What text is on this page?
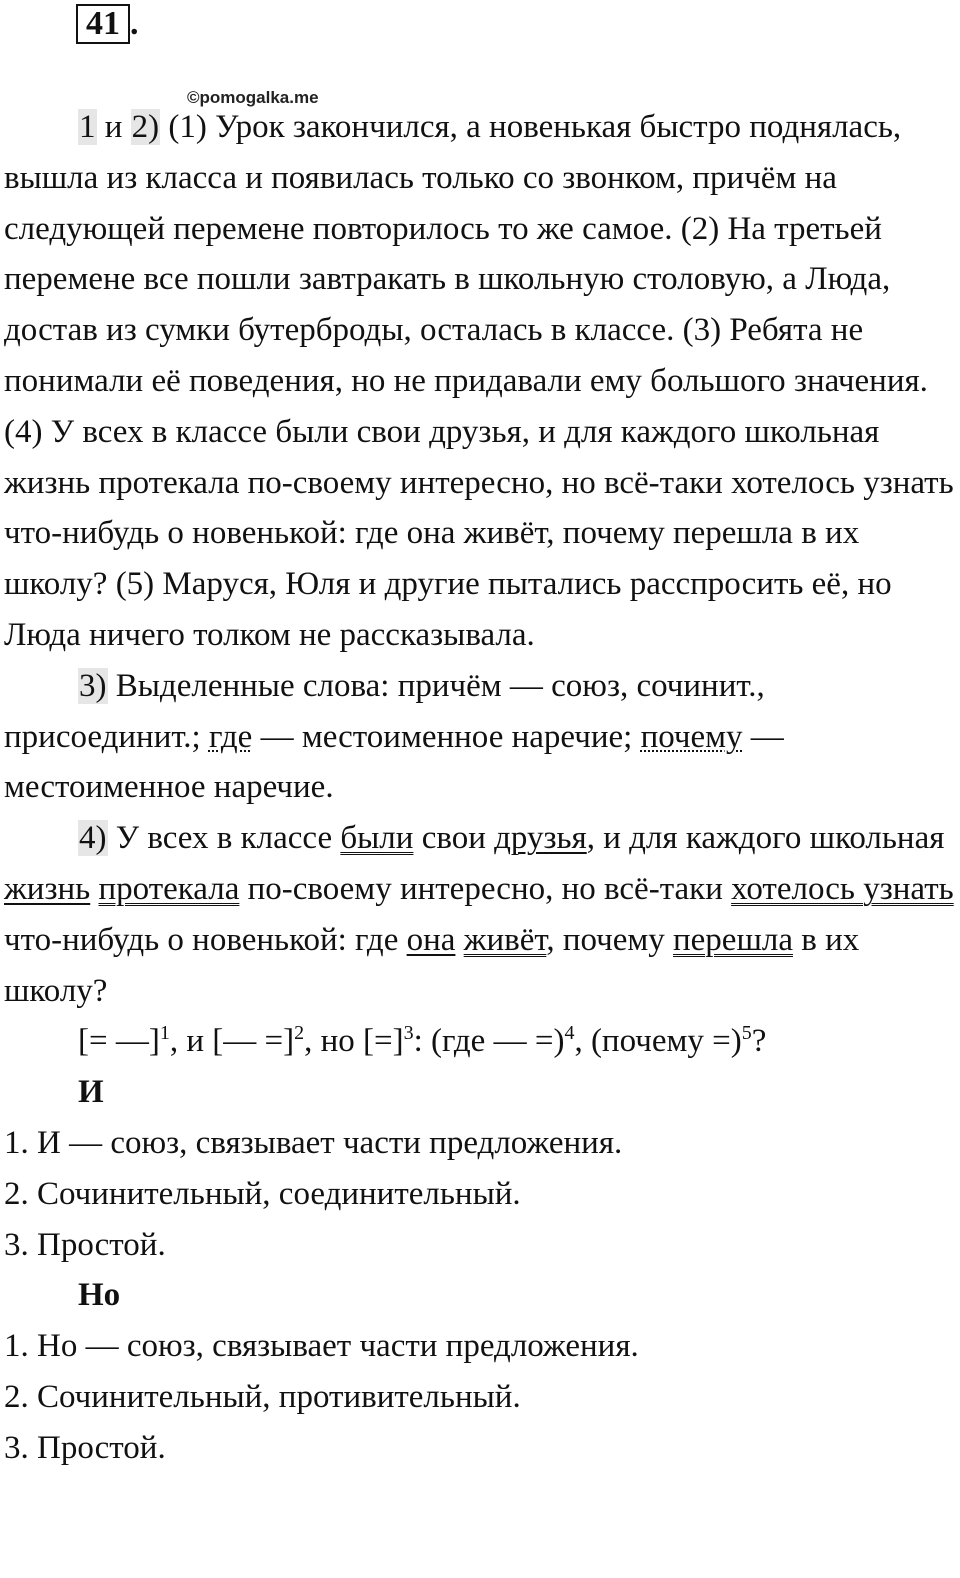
41 .
©pomogalka.me

1 и 2) (1) Урок закончился, а новенькая быстро поднялась, вышла из класса и появилась только со звонком, причём на следующей перемене повторилось то же самое. (2) На третьей перемене все пошли завтракать в школьную столовую, а Люда, достав из сумки бутерброды, осталась в классе. (3) Ребята не понимали её поведения, но не придавали ему большого значения. (4) У всех в классе были свои друзья, и для каждого школьная жизнь протекала по-своему интересно, но всё-таки хотелось узнать что-нибудь о новенькой: где она живёт, почему перешла в их школу? (5) Маруся, Юля и другие пытались расспросить её, но Люда ничего толком не рассказывала.

3) Выделенные слова: причём — союз, сочинит., присоединит.; где — местоименное наречие; почему — местоименное наречие.

4) У всех в классе были свои друзья, и для каждого школьная жизнь протекала по-своему интересно, но всё-таки хотелось узнать что-нибудь о новенькой: где она живёт, почему перешла в их школу?

[= —]$^1$, и [— =]$^2$, но [=]$^3$: (где — =)$^4$, (почему =)$^5$?

И

1. И — союз, связывает части предложения.

2. Сочинительный, соединительный.

3. Простой.

Но

1. Но — союз, связывает части предложения.

2. Сочинительный, противительный.

3. Простой.
